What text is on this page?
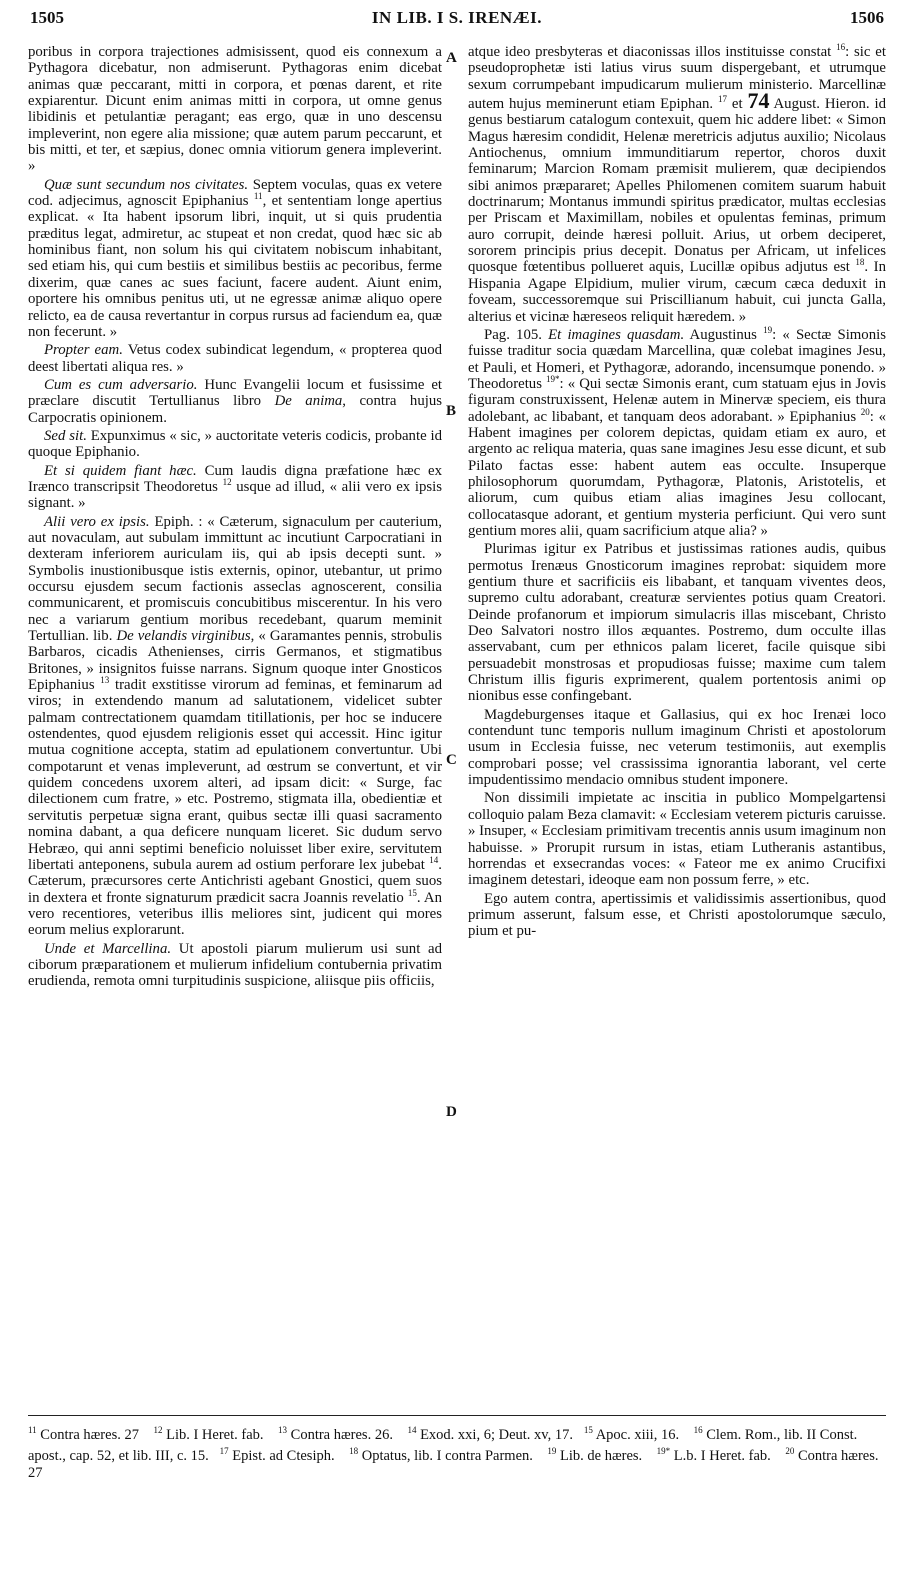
1505	IN LIB. I S. IRENÆI.	1506
A
B
C
D

poribus in corpora trajectiones admisissent, quod eis connexum a Pythagora dicebatur, non admiserunt. Pythagoras enim dicebat animas quæ peccarant, mitti in corpora, et pœnas darent, et rite expiarentur. Dicunt enim animas mitti in corpora, ut omne genus libidinis et petulantiæ peragant; eas ergo, quæ in uno descensu impleverint, non egere alia missione; quæ autem parum peccarunt, et bis mitti, et ter, et sæpius, donec omnia vitiorum genera impleverint. »

Quæ sunt secundum nos civitates. Septem voculas, quas ex vetere cod. adjecimus, agnoscit Epiphanius $^{11}$, et sententiam longe apertius explicat. « Ita habent ipsorum libri, inquit, ut si quis prudentia præditus legat, admiretur, ac stupeat et non credat, quod hæc sic ab hominibus fiant, non solum his qui civitatem nobiscum inhabitant, sed etiam his, qui cum bestiis et similibus bestiis ac pecoribus, ferme dixerim, quæ canes ac sues faciunt, facere audent. Aiunt enim, oportere his omnibus penitus uti, ut ne egressæ animæ aliquo opere relicto, ea de causa revertantur in corpus rursus ad faciendum ea, quæ non fecerunt. »

Propter eam. Vetus codex subindicat legendum, « propterea quod deest libertati aliqua res. »

Cum es cum adversario. Hunc Evangelii locum et fusissime et præclare discutit Tertullianus libro De anima, contra hujus Carpocratis opinionem.

Sed sit. Expunximus « sic, » auctoritate veteris codicis, probante id quoque Epiphanio.

Et si quidem fiant hæc. Cum laudis digna præfatione hæc ex Irænco transcripsit Theodoretus $^{12}$ usque ad illud, « alii vero ex ipsis signant. »

Alii vero ex ipsis. Epiph. : « Cæterum, signaculum per cauterium, aut novaculam, aut subulam immittunt ac incutiunt Carpocratiani in dexteram inferiorem auriculam iis, qui ab ipsis decepti sunt. » Symbolis inustionibusque istis externis, opinor, utebantur, ut primo occursu ejusdem secum factionis asseclas agnoscerent, consilia communicarent, et promiscuis concubitibus miscerentur. In his vero nec a variarum gentium moribus recedebant, quarum meminit Tertullian. lib. De velandis virginibus, « Garamantes pennis, strobulis Barbaros, cicadis Athenienses, cirris Germanos, et stigmatibus Britones, » insignitos fuisse narrans. Signum quoque inter Gnosticos Epiphanius $^{13}$ tradit exstitisse virorum ad feminas, et feminarum ad viros; in extendendo manum ad salutationem, videlicet subter palmam contrectationem quamdam titillationis, per hoc se inducere ostendentes, quod ejusdem religionis esset qui accessit. Hinc igitur mutua cognitione accepta, statim ad epulationem convertuntur. Ubi compotarunt et venas impleverunt, ad œstrum se convertunt, et vir quidem concedens uxorem alteri, ad ipsam dicit: « Surge, fac dilectionem cum fratre, » etc. Postremo, stigmata illa, obedientiæ et servitutis perpetuæ signa erant, quibus sectæ illi quasi sacramento nomina dabant, a qua deficere nunquam liceret. Sic dudum servo Hebræo, qui anni septimi beneficio noluisset liber exire, servitutem libertati anteponens, subula aurem ad ostium perforare lex jubebat $^{14}$. Cæterum, præcursores certe Antichristi agebant Gnostici, quem suos in dextera et fronte signaturum prædicit sacra Joannis revelatio $^{15}$. An vero recentiores, veteribus illis meliores sint, judicent qui mores eorum melius explorarunt.

Unde et Marcellina. Ut apostoli piarum mulierum usi sunt ad ciborum præparationem et mulierum infidelium contubernia privatim erudienda, remota omni turpitudinis suspicione, aliisque piis officiis,

atque ideo presbyteras et diaconissas illos instituisse constat $^{16}$: sic et pseudoprophetæ isti latius virus suum dispergebant, et utrumque sexum corrumpebant impudicarum mulierum ministerio. Marcellinæ autem hujus meminerunt etiam Epiphan. $^{17}$ et 74 August. Hieron. id genus bestiarum catalogum contexuit, quem hic addere libet: « Simon Magus hæresim condidit, Helenæ meretricis adjutus auxilio; Nicolaus Antiochenus, omnium immunditiarum repertor, choros duxit feminarum; Marcion Romam præmisit mulierem, quæ decipiendos sibi animos præpararet; Apelles Philomenen comitem suarum habuit doctrinarum; Montanus immundi spiritus prædicator, multas ecclesias per Priscam et Maximillam, nobiles et opulentas feminas, primum auro corrupit, deinde hæresi polluit. Arius, ut orbem deciperet, sororem principis prius decepit. Donatus per Africam, ut infelices quosque fœtentibus pollueret aquis, Lucillæ opibus adjutus est $^{18}$. In Hispania Agape Elpidium, mulier virum, cæcum cæca deduxit in foveam, successoremque sui Priscillianum habuit, cui juncta Galla, alterius et vicinæ hæreseos reliquit hæredem. »

Pag. 105. Et imagines quasdam. Augustinus $^{19}$: « Sectæ Simonis fuisse traditur socia quædam Marcellina, quæ colebat imagines Jesu, et Pauli, et Homeri, et Pythagoræ, adorando, incensumque ponendo. » Theodoretus $^{19*}$: « Qui sectæ Simonis erant, cum statuam ejus in Jovis figuram construxissent, Helenæ autem in Minervæ speciem, eis thura adolebant, ac libabant, et tanquam deos adorabant. » Epiphanius $^{20}$: « Habent imagines per colorem depictas, quidam etiam ex auro, et argento ac reliqua materia, quas sane imagines Jesu esse dicunt, et sub Pilato factas esse: habent autem eas occulte. Insuperque philosophorum quorumdam, Pythagoræ, Platonis, Aristotelis, et aliorum, cum quibus etiam alias imagines Jesu collocant, collocatasque adorant, et gentium mysteria perficiunt. Qui vero sunt gentium mores alii, quam sacrificium atque alia? »

Plurimas igitur ex Patribus et justissimas rationes audis, quibus permotus Irenæus Gnosticorum imagines reprobat: siquidem more gentium thure et sacrificiis eis libabant, et tanquam viventes deos, supremo cultu adorabant, creaturæ servientes potius quam Creatori. Deinde profanorum et impiorum simulacris illas miscebant, Christo Deo Salvatori nostro illos æquantes. Postremo, dum occulte illas asservabant, cum per ethnicos palam liceret, facile quisque sibi persuadebit monstrosas et propudiosas fuisse; maxime cum talem Christum illis figuris exprimerent, qualem portentosis animi op nionibus esse confingebant.

Magdeburgenses itaque et Gallasius, qui ex hoc Irenæi loco contendunt tunc temporis nullum imaginum Christi et apostolorum usum in Ecclesia fuisse, nec veterum testimoniis, aut exemplis comprobari posse; vel crassissima ignorantia laborant, vel certe impudentissimo mendacio omnibus student imponere.

Non dissimili impietate ac inscitia in publico Mompelgartensi colloquio palam Beza clamavit: « Ecclesiam veterem picturis caruisse. » Insuper, « Ecclesiam primitivam trecentis annis usum imaginum non habuisse. » Prorupit rursum in istas, etiam Lutheranis astantibus, horrendas et exsecrandas voces: « Fateor me ex animo Crucifixi imaginem detestari, ideoque eam non possum ferre, » etc.

Ego autem contra, apertissimis et validissimis assertionibus, quod primum asserunt, falsum esse, et Christi apostolorumque sæculo, pium et pu-

$^{11}$ Contra hæres. 27 $^{12}$ Lib. I Heret. fab. $^{13}$ Contra hæres. 26. $^{14}$ Exod. xxi, 6; Deut. xv, 17. $^{15}$ Apoc. xiii, 16. $^{16}$ Clem. Rom., lib. II Const. apost., cap. 52, et lib. III, c. 15. $^{17}$ Epist. ad Ctesiph. $^{18}$ Optatus, lib. I contra Parmen. $^{19}$ Lib. de hæres. $^{19*}$ L.b. I Heret. fab. $^{20}$ Contra hæres. 27
